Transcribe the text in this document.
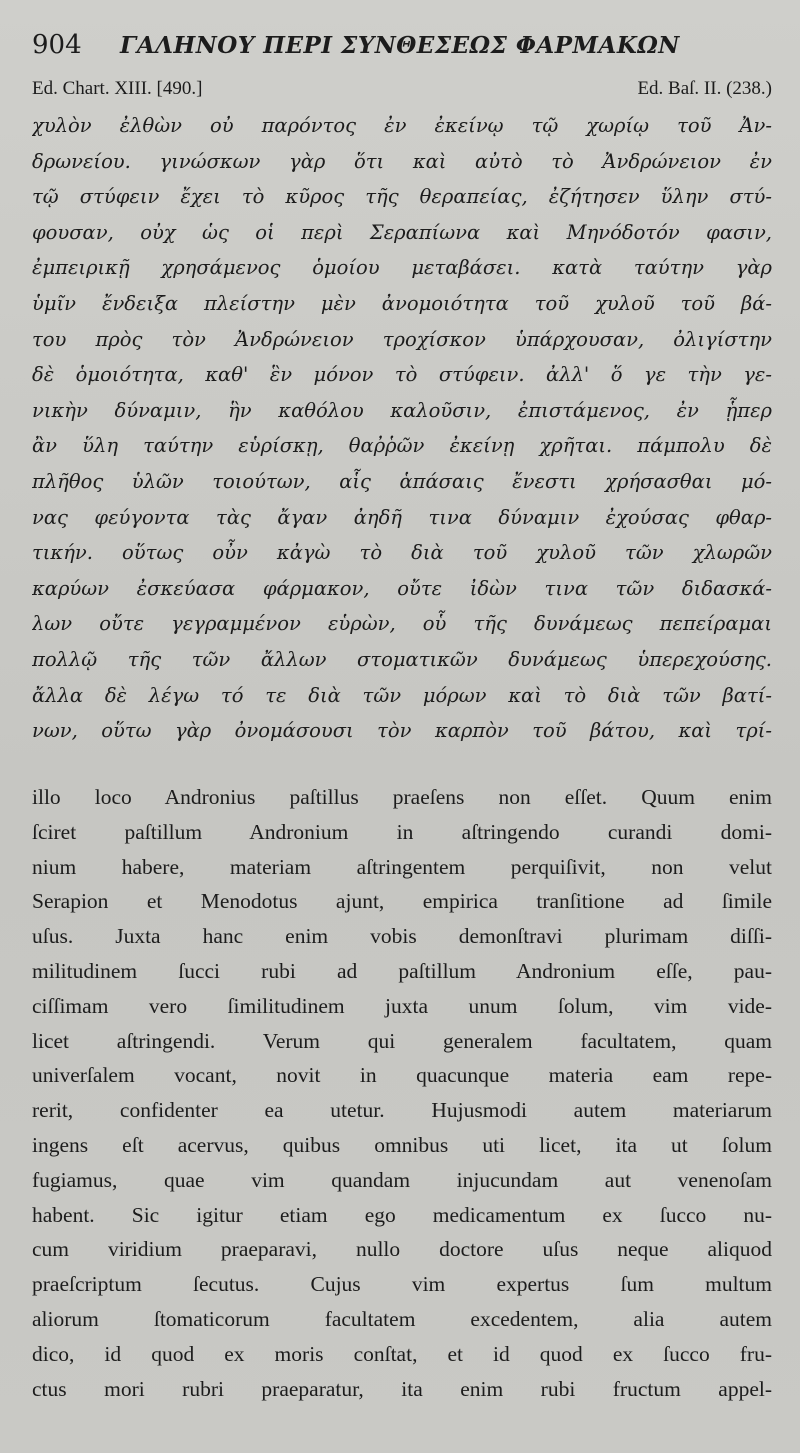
904 ΓΑΛΗΝΟΥ ΠΕΡΙ ΣΥΝΘΕΣΕΩΣ ΦΑΡΜΑΚΩΝ
Ed. Chart. XIII. [490.]	Ed. Baſ. II. (238.)
χυλὸν ἐλθὼν οὐ παρόντος ἐν ἐκείνῳ τῷ χωρίῳ τοῦ Ἀν-
δρωνείου. γινώσκων γὰρ ὅτι καὶ αὐτὸ τὸ Ἀνδρώνειον ἐν
τῷ στύφειν ἔχει τὸ κῦρος τῆς θεραπείας, ἐζήτησεν ὕλην στύ-
φουσαν, οὐχ ὡς οἱ περὶ Σεραπίωνα καὶ Μηνόδοτόν φασιν,
ἐμπειρικῇ χρησάμενος ὁμοίου μεταβάσει. κατὰ ταύτην γὰρ
ὑμῖν ἔνδειξα πλείστην μὲν ἀνομοιότητα τοῦ χυλοῦ τοῦ βά-
του πρὸς τὸν Ἀνδρώνειον τροχίσκον ὑπάρχουσαν, ὀλιγίστην
δὲ ὁμοιότητα, καθ' ἓν μόνον τὸ στύφειν. ἀλλ' ὅ γε τὴν γε-
νικὴν δύναμιν, ἣν καθόλου καλοῦσιν, ἐπιστάμενος, ἐν ᾗπερ
ἂν ὕλη ταύτην εὑρίσκῃ, θαῤῥῶν ἐκείνῃ χρῆται. πάμπολυ δὲ
πλῆθος ὑλῶν τοιούτων, αἷς ἁπάσαις ἔνεστι χρήσασθαι μό-
νας φεύγοντα τὰς ἄγαν ἀηδῆ τινα δύναμιν ἐχούσας φθαρ-
τικήν. οὕτως οὖν κἀγὼ τὸ διὰ τοῦ χυλοῦ τῶν χλωρῶν
καρύων ἐσκεύασα φάρμακον, οὔτε ἰδὼν τινα τῶν διδασκά-
λων οὔτε γεγραμμένον εὑρὼν, οὗ τῆς δυνάμεως πεπείραμαι
πολλῷ τῆς τῶν ἄλλων στοματικῶν δυνάμεως ὑπερεχούσης.
ἄλλα δὲ λέγω τό τε διὰ τῶν μόρων καὶ τὸ διὰ τῶν βατί-
νων, οὕτω γὰρ ὀνομάσουσι τὸν καρπὸν τοῦ βάτου, καὶ τρί-
illo loco Andronius paſtillus praeſens non eſſet. Quum enim
ſciret paſtillum Andronium in aſtringendo curandi domi-
nium habere, materiam aſtringentem perquiſivit, non velut
Serapion et Menodotus ajunt, empirica tranſitione ad ſimile
uſus. Juxta hanc enim vobis demonſtravi plurimam diſſi-
militudinem ſucci rubi ad paſtillum Andronium eſſe, pau-
ciſſimam vero ſimilitudinem juxta unum ſolum, vim vide-
licet aſtringendi. Verum qui generalem facultatem, quam
univerſalem vocant, novit in quacunque materia eam repe-
rerit, confidenter ea utetur. Hujusmodi autem materiarum
ingens eſt acervus, quibus omnibus uti licet, ita ut ſolum
fugiamus, quae vim quandam injucundam aut venenoſam
habent. Sic igitur etiam ego medicamentum ex ſucco nu-
cum viridium praeparavi, nullo doctore uſus neque aliquod
praeſcriptum ſecutus. Cujus vim expertus ſum multum
aliorum ſtomaticorum facultatem excedentem, alia autem
dico, id quod ex moris conſtat, et id quod ex ſucco fru-
ctus mori rubri praeparatur, ita enim rubi fructum appel-
